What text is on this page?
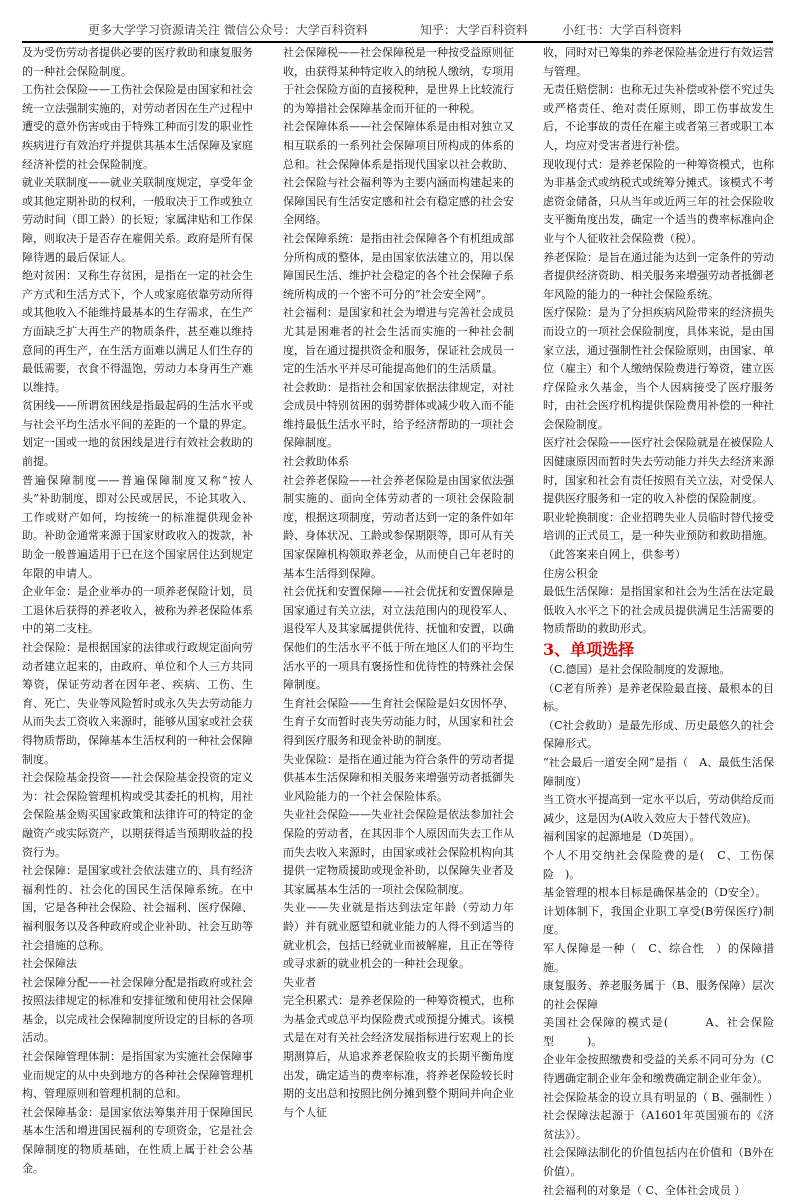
更多大学学习资源请关注 微信公众号：大学百科资料	知乎：大学百科资料	小红书：大学百科资料

及为受伤劳动者提供必要的医疗救助和康复服务的一种社会保险制度。

工伤社会保险——工伤社会保险是由国家和社会统一立法强制实施的，对劳动者因在生产过程中遭受的意外伤害或由于特殊工种而引发的职业性疾病进行有效治疗并提供其基本生活保障及家庭经济补偿的社会保险制度。

就业关联制度——就业关联制度规定，享受年金或其他定期补助的权利，一般取决于工作或独立劳动时间（即工龄）的长短；家属津贴和工作保障，则取决于是否存在雇佣关系。政府是所有保障待遇的最后保证人。

绝对贫困：又称生存贫困，是指在一定的社会生产方式和生活方式下，个人或家庭依靠劳动所得或其他收入不能维持最基本的生存需求，在生产方面缺乏扩大再生产的物质条件，甚至难以维持意间的再生产，在生活方面难以满足人们生存的最低需要，衣食不得温饱，劳动力本身再生产难以维持。

贫困线——所谓贫困线是指最起码的生活水平或与社会平均生活水平间的差距的一个量的界定。划定一国或一地的贫困线是进行有效社会救助的前提。

普遍保障制度——普遍保障制度又称“按人头”补助制度，即对公民或居民，不论其收入、工作或财产如何，均按统一的标准提供现金补助。补助金通常来源于国家财政收入的拨款，补助金一般普遍适用于已在这个国家居住达到规定年限的申请人。

企业年金：是企业举办的一项养老保险计划，员工退休后获得的养老收入，被称为养老保险体系中的第二支柱。

社会保险：是根据国家的法律或行政规定面向劳动者建立起来的，由政府、单位和个人三方共同筹资，保证劳动者在因年老、疾病、工伤、生育、死亡、失业等风险暂时或永久失去劳动能力从而失去工资收入来源时，能够从国家或社会获得物质帮助，保障基本生活权利的一种社会保障制度。

社会保险基金投资——社会保险基金投资的定义为：社会保险管理机构或受其委托的机构，用社会保险基金购买国家政策和法律许可的特定的金融资产或实际资产，以期获得适当预期收益的投资行为。

社会保障：是国家或社会依法建立的、具有经济福利性的、社会化的国民生活保障系统。在中国，它是各种社会保险、社会福利、医疗保障、福利服务以及各种政府或企业补助、社会互助等社会措施的总称。

社会保障法

社会保障分配——社会保障分配是指政府或社会按照法律规定的标准和安排征缴和使用社会保障基金，以完成社会保障制度所设定的目标的各项活动。

社会保障管理体制：是指国家为实施社会保障事业而规定的从中央到地方的各种社会保障管理机构、管理原则和管理机制的总和。

社会保障基金：是国家依法筹集并用于保障国民基本生活和增进国民福利的专项资金，它是社会保障制度的物质基础，在性质上属于社会公基金。

社会保障税——社会保障税是一种按受益原则征收，由获得某种特定收入的纳税人缴纳，专项用于社会保险方面的直接税种，是世界上比较流行的为筹措社会保障基金而开征的一种税。

社会保障体系——社会保障体系是由相对独立又相互联系的一系列社会保障项目所构成的体系的总和。社会保障体系是指现代国家以社会救助、社会保险与社会福利等为主要内涵而构建起来的保障国民有生活安定感和社会有稳定感的社会安全网络。

社会保障系统：是指由社会保障各个有机组成部分所构成的整体，是由国家依法建立的，用以保障国民生活、维护社会稳定的各个社会保障子系统所构成的一个密不可分的“社会安全网”。

社会福利：是国家和社会为增进与完善社会成员尤其是困难者的社会生活而实施的一种社会制度，旨在通过提拱资金和服务，保证社会成员一定的生活水平并尽可能提高他们的生活质量。

社会救助：是指社会和国家依据法律规定，对社会成员中特别贫困的弱势群体或减少收入而不能维持最低生活水平时，给予经济帮助的一项社会保障制度。

社会救助体系

社会养老保险——社会养老保险是由国家依法强制实施的、面向全体劳动者的一项社会保险制度，根据这项制度，劳动者达到一定的条件如年龄、身体状况、工龄或参保期限等，即可从有关国家保障机构领取养老金，从而使自己年老时的基本生活得到保障。

社会优抚和安置保障——社会优抚和安置保障是国家通过有关立法，对立法范围内的现役军人、退役军人及其家属提供优待、抚恤和安置，以确保他们的生活水平不低于所在地区人们的平均生活水平的一项具有褒扬性和优待性的特殊社会保障制度。

生育社会保险——生育社会保险是妇女因怀孕、生育子女而暂时丧失劳动能力时，从国家和社会得到医疗服务和现金补助的制度。

失业保险：是指在通过能为符合条件的劳动者提供基本生活保障和相关服务来增强劳动者抵御失业风险能力的一个社会保险体系。

失业社会保险——失业社会保险是依法参加社会保险的劳动者，在其因非个人原因而失去工作从而失去收入来源时，由国家或社会保险机构向其提供一定物质援助或现金补助，以保障失业者及其家属基本生活的一项社会保险制度。

失业——失业就是指达到法定年龄（劳动力年龄）并有就业愿望和就业能力的人得不到适当的就业机会，包括已经就业而被解雇，且正在等待或寻求新的就业机会的一种社会现象。

失业者

完全积累式：是养老保险的一种筹资模式，也称为基金式或总平均保险费式或预提分摊式。该模式是在对有关社会经济发展指标进行宏观上的长期测算后，从追求养老保险收支的长期平衡角度出发，确定适当的费率标准，将养老保险较长时期的支出总和按照比例分摊到整个期间并向企业与个人征

收，同时对已筹集的养老保险基金进行有效运营与管理。

无责任赔偿制：也称无过失补偿或补偿不究过失或严格责任、绝对责任原则，即工伤事故发生后，不论事故的责任在雇主或者第三者或职工本人，均应对受害者进行补偿。

现收现付式：是养老保险的一种筹资模式，也称为非基金式或纳税式或统筹分摊式。该模式不考虑资金储备，只从当年或近两三年的社会保险收支平衡角度出发，确定一个适当的费率标准向企业与个人征收社会保险费（税）。

养老保险：是旨在通过能为达到一定条件的劳动者提供经济资助、相关服务来增强劳动者抵御老年风险的能力的一种社会保险系统。

医疗保险：是为了分担疾病风险带来的经济损失而设立的一项社会保险制度，具体来说，是由国家立法，通过强制性社会保险原则，由国家、单位（雇主）和个人缴纳保险费进行筹资，建立医疗保险永久基金，当个人因病接受了医疗服务时，由社会医疗机构提供保险费用补偿的一种社会保险制度。

医疗社会保险——医疗社会保险就是在被保险人因健康原因而暂时失去劳动能力并失去经济来源时，国家和社会有责任按照有关立法，对受保人提供医疗服务和一定的收入补偿的保险制度。

职业轮换制度：企业招聘失业人员临时替代接受培训的正式员工，是一种失业预防和救助措施。（此答案来自网上，供参考）

住房公积金

最低生活保障：是指国家和社会为生活在法定最低收入水平之下的社会成员提供满足生活需要的物质帮助的救助形式。

3、单项选择

（C.德国）是社会保险制度的发源地。

（C老有所养）是养老保险最直接、最根本的目标。

（C社会救助）是最先形成、历史最悠久的社会保障形式。

“社会最后一道安全网”是指（　A、最低生活保障制度）

当工资水平提高到一定水平以后，劳动供给反而减少，这是因为(A收入效应大于替代效应)。

福利国家的起源地是（D英国）。

个人不用交纳社会保险费的是(　C、工伤保险　)。

基金管理的根本目标是确保基金的（D安全）。

计划体制下，我国企业职工享受(B劳保医疗)制度。

军人保障是一种（　C、综合性　）的保障措施。

康复服务、养老服务属于（B、服务保障）层次的社会保障

美国社会保障的模式是(　　　A、社会保险型　　　)。

企业年金按照缴费和受益的关系不同可分为（C待遇确定制企业年金和缴费确定制企业年金）。

社会保险基金的设立具有明显的（ B、强制性 ）

社会保障法起源于（A1601年英国颁布的《济贫法》）。

社会保障法制化的价值包括内在价值和（B外在价值）。

社会福利的对象是（ C、全体社会成员 ）
